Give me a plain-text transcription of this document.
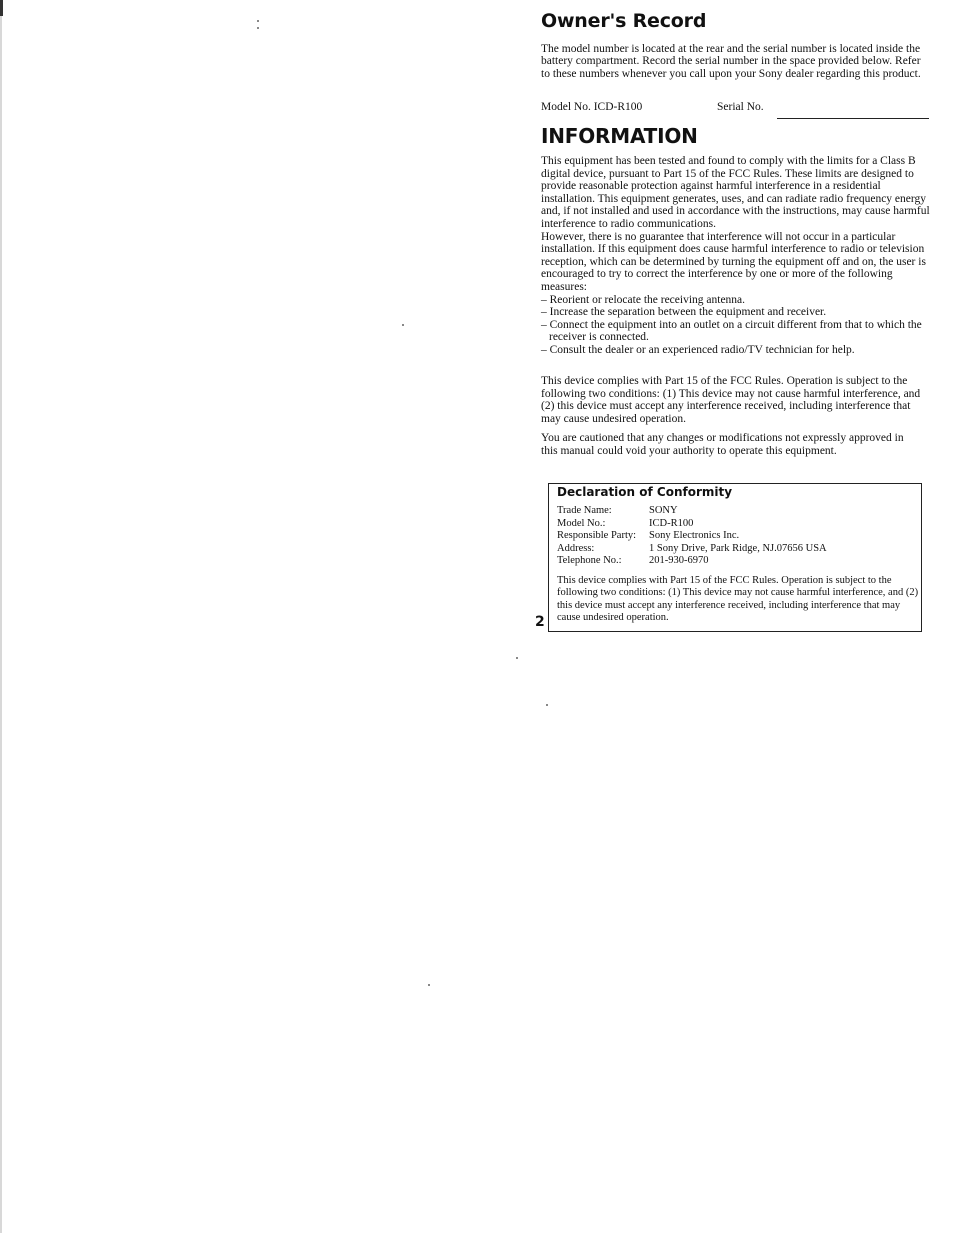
Owner's Record
The model number is located at the rear and the serial number is located inside the battery compartment. Record the serial number in the space provided below. Refer to these numbers whenever you call upon your Sony dealer regarding this product.
Model No. ICD-R100	Serial No.
INFORMATION

This equipment has been tested and found to comply with the limits for a Class B digital device, pursuant to Part 15 of the FCC Rules. These limits are designed to provide reasonable protection against harmful interference in a residential installation. This equipment generates, uses, and can radiate radio frequency energy and, if not installed and used in accordance with the instructions, may cause harmful interference to radio communications.

However, there is no guarantee that interference will not occur in a particular installation. If this equipment does cause harmful interference to radio or television reception, which can be determined by turning the equipment off and on, the user is encouraged to try to correct the interference by one or more of the following measures:

– Reorient or relocate the receiving antenna.
– Increase the separation between the equipment and receiver.
– Connect the equipment into an outlet on a circuit different from that to which the receiver is connected.
– Consult the dealer or an experienced radio/TV technician for help.

This device complies with Part 15 of the FCC Rules. Operation is subject to the following two conditions: (1) This device may not cause harmful interference, and (2) this device must accept any interference received, including interference that may cause undesired operation.

You are cautioned that any changes or modifications not expressly approved in this manual could void your authority to operate this equipment.

Declaration of Conformity
Trade Name:	SONY
Model No.:	ICD-R100
Responsible Party:	Sony Electronics Inc.
Address:	1 Sony Drive, Park Ridge, NJ.07656 USA
Telephone No.:	201-930-6970

This device complies with Part 15 of the FCC Rules. Operation is subject to the following two conditions: (1) This device may not cause harmful interference, and (2) this device must accept any interference received, including interference that may cause undesired operation.

2
